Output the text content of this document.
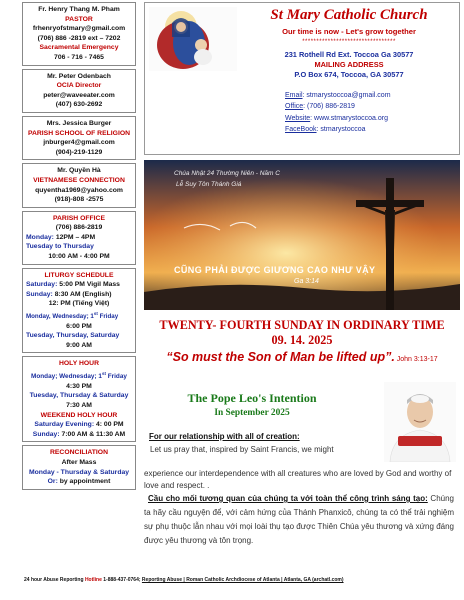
Fr. Henry Thang M. Pham
PASTOR
frhenryofstmary@gmail.com
(706) 886 -2819 ext – 7202
Sacramental Emergency
706 - 716 - 7465
Mr. Peter Odenbach
OCIA Director
peter@waveeater.com
(407) 630-2692
Mrs. Jessica Burger
PARISH SCHOOL OF RELIGION
jnburger4@gmail.com
(904)-219-1129
Mr. Quyền Hà
VIETNAMESE CONNECTION
quyentha1969@yahoo.com
(918)-808 -2575
PARISH OFFICE
(706) 886-2819
Monday: 12PM – 4PM
Tuesday to Thursday
10:00 AM - 4:00 PM
LITURGY SCHEDULE
Saturday: 5:00 PM Vigil Mass
Sunday: 8:30 AM (English)
12: PM (Tiếng Việt)
Monday, Wednesday; 1st Friday
6:00 PM
Tuesday, Thursday, Saturday
9:00 AM
HOLY HOUR
Monday; Wednesday; 1st Friday
4:30 PM
Tuesday, Thursday & Saturday
7:30 AM
WEEKEND HOLY HOUR
Saturday Evening: 4: 00 PM
Sunday: 7:00 AM & 11:30 AM
RECONCILIATION
After Mass
Monday - Thursday & Saturday
Or: by appointment
St Mary Catholic Church
Our time is now - Let's grow together
*********************************
231 Rothell Rd Ext. Toccoa Ga 30577
MAILING ADDRESS
P.O Box 674, Toccoa, GA 30577
Email: stmarystoccoa@gmail.com
Office: (706) 886-2819
Website: www.stmarystoccoa.org
FaceBook: stmarystoccoa
Chúa Nhật 24 Thường Niên - Năm C
Lễ Suy Tôn Thánh Giá
CŨNG PHẢI ĐƯỢC GIƯƠNG CAO NHƯ VẬY
Ga 3:14
TWENTY- FOURTH SUNDAY IN ORDINARY TIME
09. 14. 2025
“So must the Son of Man be lifted up”. John 3:13-17
The Pope Leo's Intention
In September 2025
For our relationship with all of creation:
Let us pray that, inspired by Saint Francis, we might
experience our interdependence with all creatures who are loved by God and worthy of love and respect. .
Cầu cho mối tương quan của chúng ta với toàn thể công trình sáng tạo: Chúng ta hãy cầu nguyện để, với cảm hứng của Thánh Phanxicô, chúng ta có thể trải nghiệm sự phụ thuộc lẫn nhau với mọi loài thụ tạo được Thiên Chúa yêu thương và xứng đáng được yêu thương và tôn trọng.
24 hour Abuse Reporting Hotline 1-888-437-0764; Reporting Abuse | Roman Catholic Archdiocese of Atlanta | Atlanta, GA (archatl.com)
